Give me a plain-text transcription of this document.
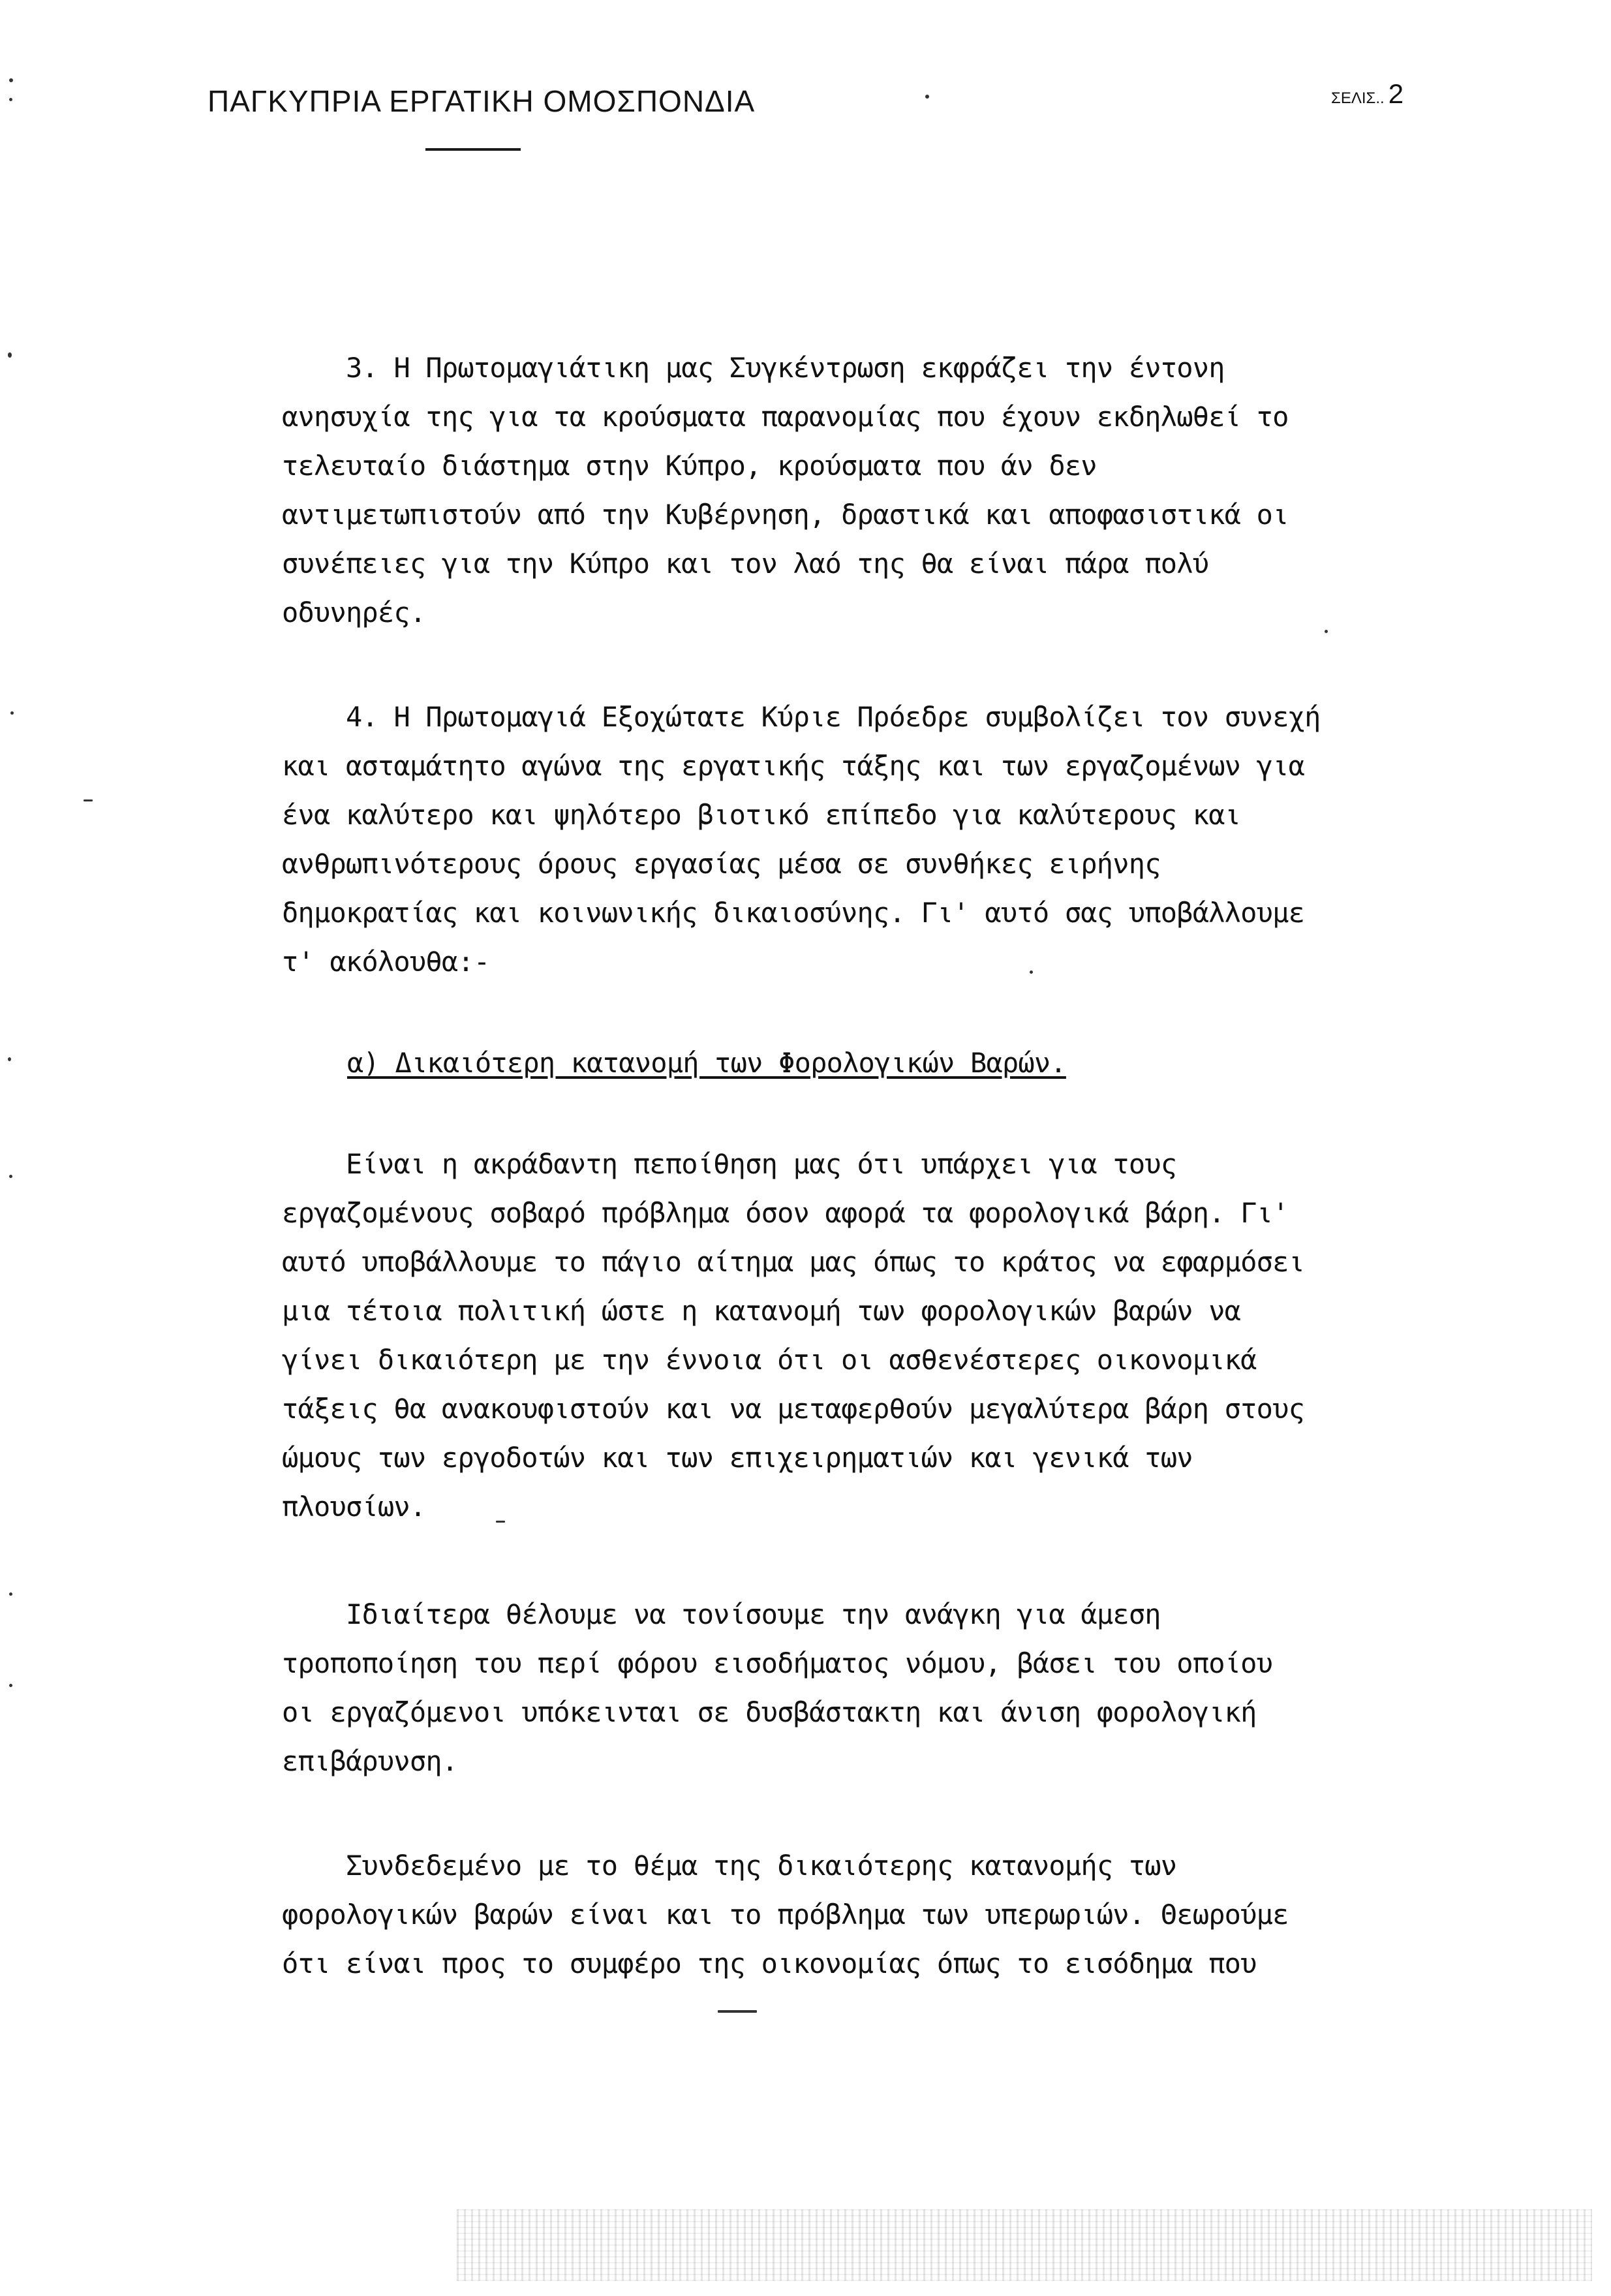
ΠΑΓΚΥΠΡΙΑ ΕΡΓΑΤΙΚΗ ΟΜΟΣΠΟΝΔΙΑ	ΣΕΛΙΣ.. 2
3. Η Πρωτομαγιάτικη μας Συγκέντρωση εκφράζει την έντονη
ανησυχία της για τα κρούσματα παρανομίας που έχουν εκδηλωθεί το
τελευταίο διάστημα στην Κύπρο, κρούσματα που άν δεν
αντιμετωπιστούν από την Κυβέρνηση, δραστικά και αποφασιστικά οι
συνέπειες για την Κύπρο και τον λαό της θα είναι πάρα πολύ
οδυνηρές.
4. Η Πρωτομαγιά Εξοχώτατε Κύριε Πρόεδρε συμβολίζει τον συνεχή
και ασταμάτητο αγώνα της εργατικής τάξης και των εργαζομένων για
ένα καλύτερο και ψηλότερο βιοτικό επίπεδο για καλύτερους και
ανθρωπινότερους όρους εργασίας μέσα σε συνθήκες ειρήνης
δημοκρατίας και κοινωνικής δικαιοσύνης. Γι' αυτό σας υποβάλλουμε
τ' ακόλουθα:-
α) Δικαιότερη κατανομή των Φορολογικών Βαρών.
Είναι η ακράδαντη πεποίθηση μας ότι υπάρχει για τους
εργαζομένους σοβαρό πρόβλημα όσον αφορά τα φορολογικά βάρη. Γι'
αυτό υποβάλλουμε το πάγιο αίτημα μας όπως το κράτος να εφαρμόσει
μια τέτοια πολιτική ώστε η κατανομή των φορολογικών βαρών να
γίνει δικαιότερη με την έννοια ότι οι ασθενέστερες οικονομικά
τάξεις θα ανακουφιστούν και να μεταφερθούν μεγαλύτερα βάρη στους
ώμους των εργοδοτών και των επιχειρηματιών και γενικά των
πλουσίων.
Ιδιαίτερα θέλουμε να τονίσουμε την ανάγκη για άμεση
τροποποίηση του περί φόρου εισοδήματος νόμου, βάσει του οποίου
οι εργαζόμενοι υπόκεινται σε δυσβάστακτη και άνιση φορολογική
επιβάρυνση.
Συνδεδεμένο με το θέμα της δικαιότερης κατανομής των
φορολογικών βαρών είναι και το πρόβλημα των υπερωριών. Θεωρούμε
ότι είναι προς το συμφέρο της οικονομίας όπως το εισόδημα που
